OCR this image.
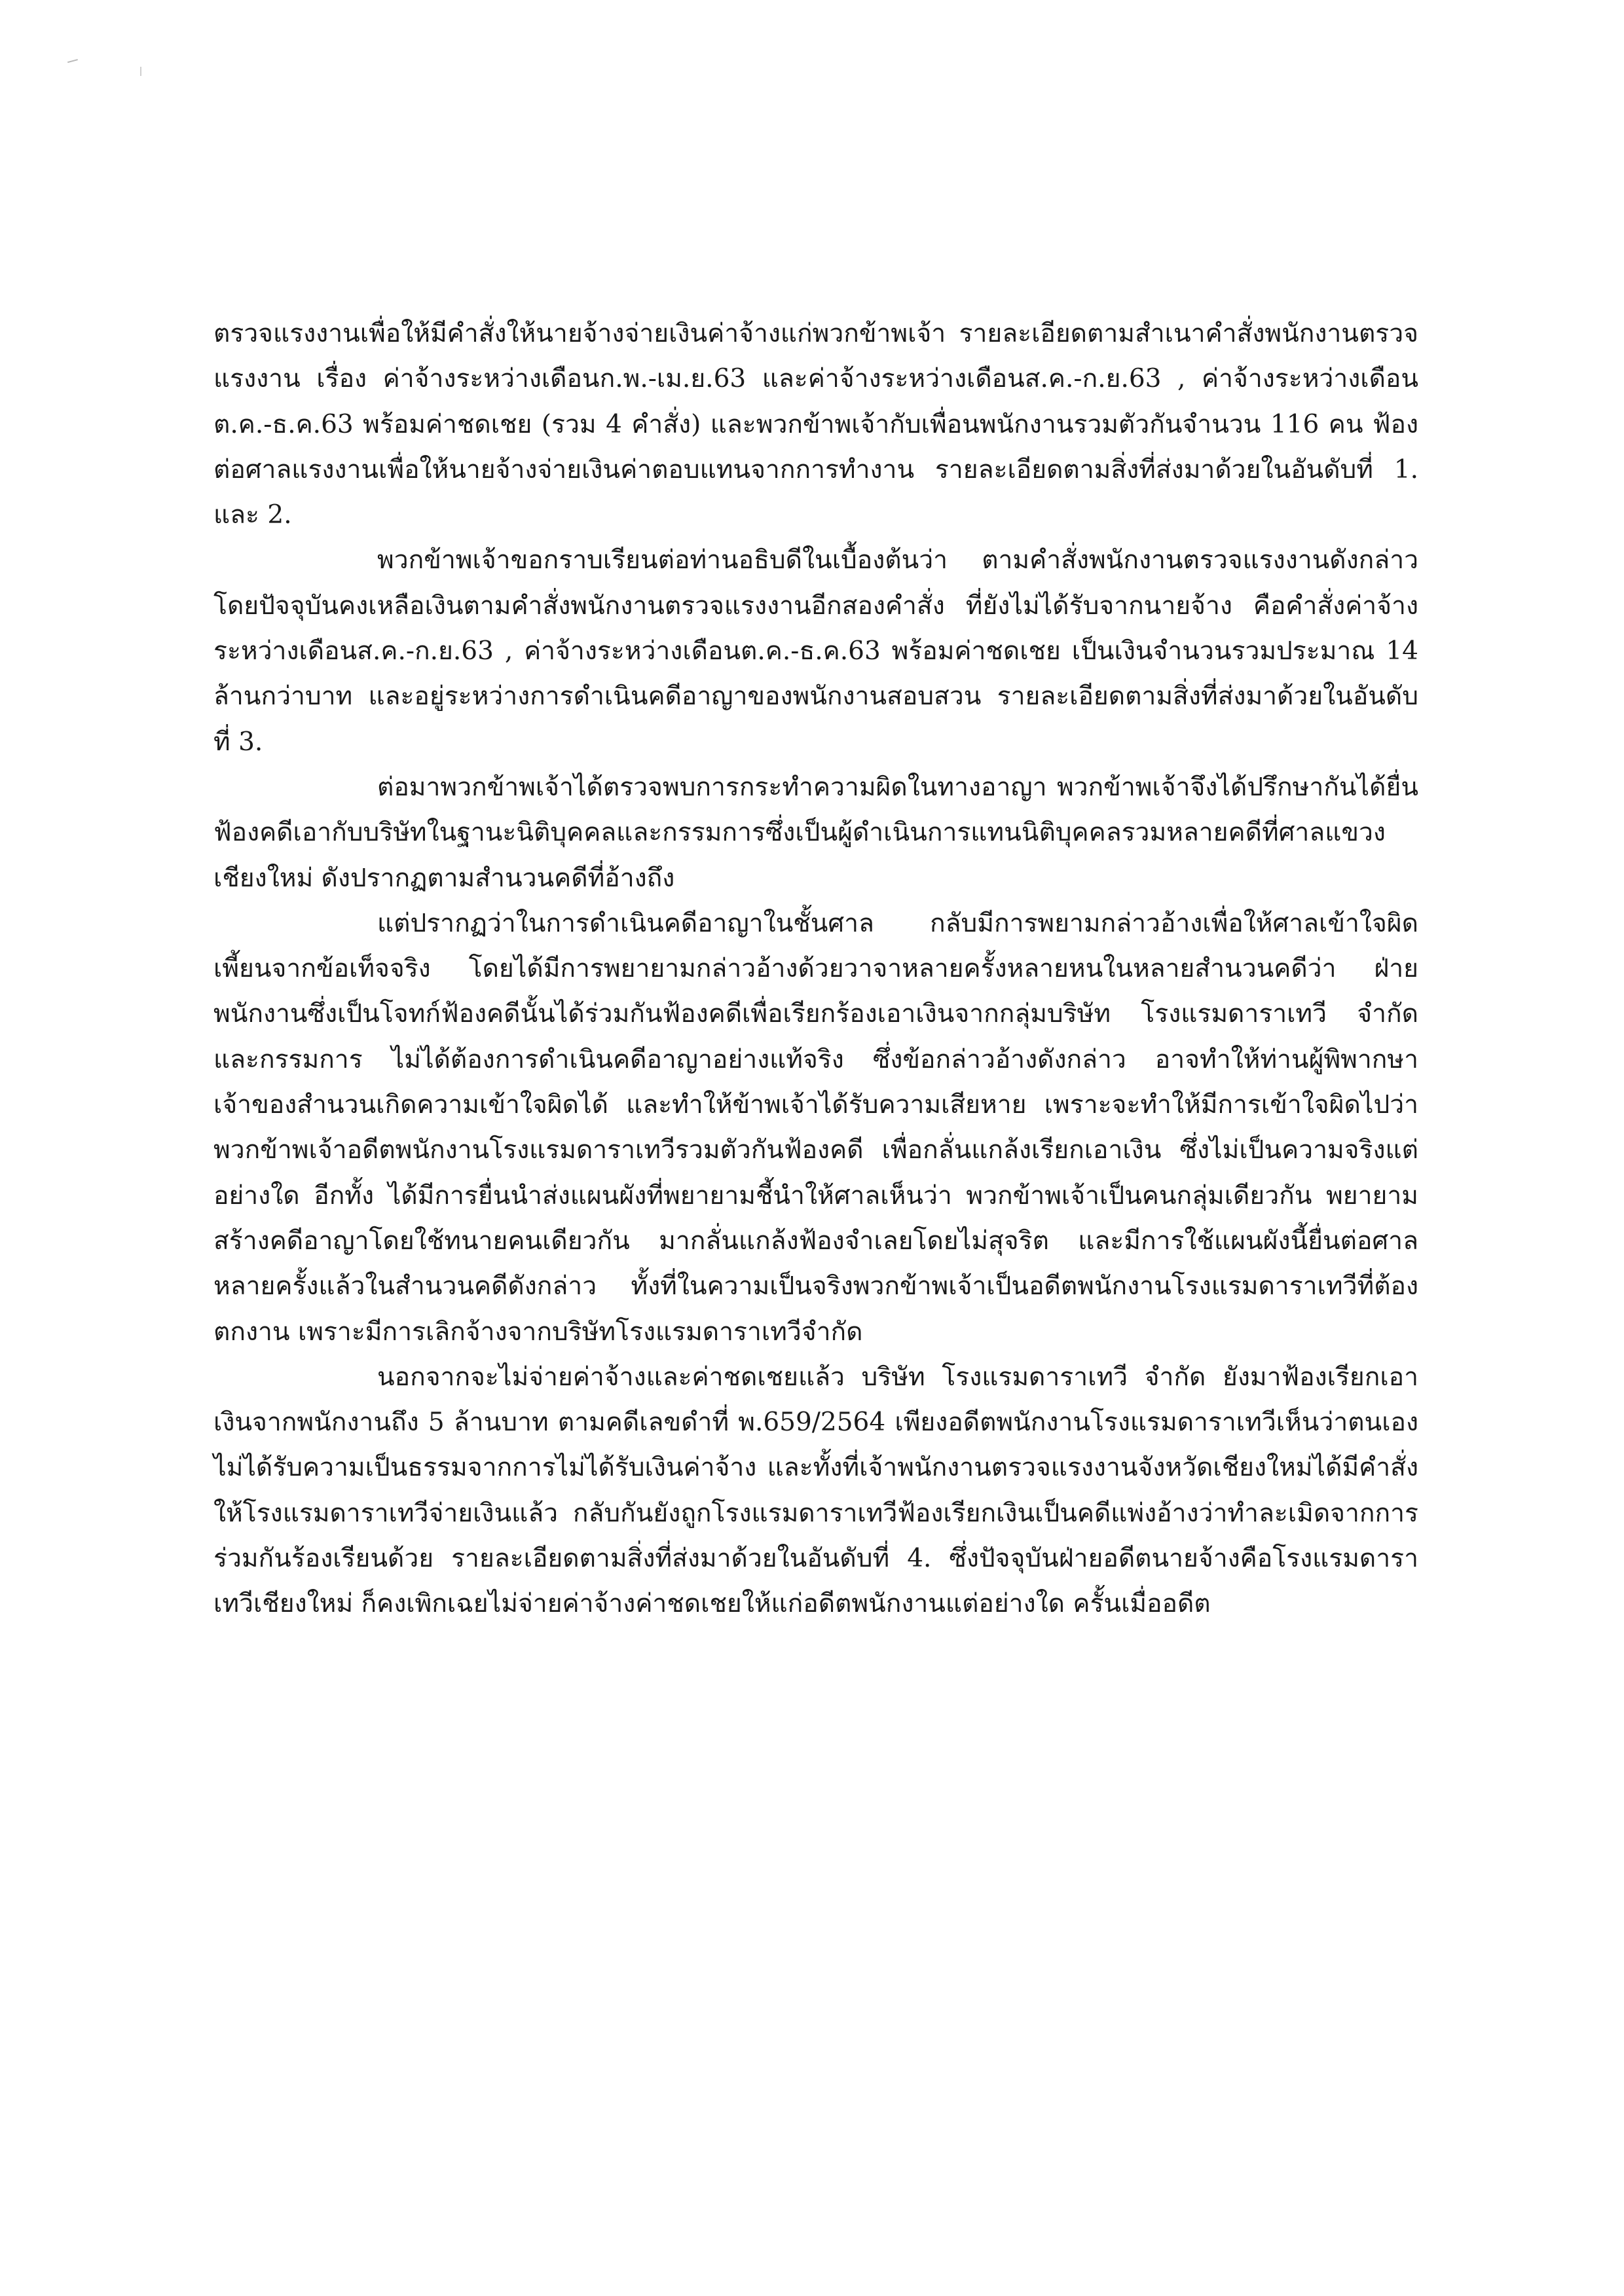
ตรวจแรงงานเพื่อให้มีคำสั่งให้นายจ้างจ่ายเงินค่าจ้างแก่พวกข้าพเจ้า รายละเอียดตามสำเนาคำสั่งพนักงานตรวจแรงงาน เรื่อง ค่าจ้างระหว่างเดือนก.พ.-เม.ย.63 และค่าจ้างระหว่างเดือนส.ค.-ก.ย.63 , ค่าจ้างระหว่างเดือนต.ค.-ธ.ค.63 พร้อมค่าชดเชย (รวม 4 คำสั่ง) และพวกข้าพเจ้ากับเพื่อนพนักงานรวมตัวกันจำนวน 116 คน ฟ้องต่อศาลแรงงานเพื่อให้นายจ้างจ่ายเงินค่าตอบแทนจากการทำงาน รายละเอียดตามสิ่งที่ส่งมาด้วยในอันดับที่ 1. และ 2.

พวกข้าพเจ้าขอกราบเรียนต่อท่านอธิบดีในเบื้องต้นว่า ตามคำสั่งพนักงานตรวจแรงงานดังกล่าว โดยปัจจุบันคงเหลือเงินตามคำสั่งพนักงานตรวจแรงงานอีกสองคำสั่ง ที่ยังไม่ได้รับจากนายจ้าง คือคำสั่งค่าจ้างระหว่างเดือนส.ค.-ก.ย.63 , ค่าจ้างระหว่างเดือนต.ค.-ธ.ค.63 พร้อมค่าชดเชย เป็นเงินจำนวนรวมประมาณ 14 ล้านกว่าบาท และอยู่ระหว่างการดำเนินคดีอาญาของพนักงานสอบสวน รายละเอียดตามสิ่งที่ส่งมาด้วยในอันดับที่ 3.

ต่อมาพวกข้าพเจ้าได้ตรวจพบการกระทำความผิดในทางอาญา พวกข้าพเจ้าจึงได้ปรึกษากันได้ยื่นฟ้องคดีเอากับบริษัทในฐานะนิติบุคคลและกรรมการซึ่งเป็นผู้ดำเนินการแทนนิติบุคคลรวมหลายคดีที่ศาลแขวงเชียงใหม่ ดังปรากฏตามสำนวนคดีที่อ้างถึง

แต่ปรากฏว่าในการดำเนินคดีอาญาในชั้นศาล กลับมีการพยามกล่าวอ้างเพื่อให้ศาลเข้าใจผิดเพี้ยนจากข้อเท็จจริง โดยได้มีการพยายามกล่าวอ้างด้วยวาจาหลายครั้งหลายหนในหลายสำนวนคดีว่า ฝ่ายพนักงานซึ่งเป็นโจทก์ฟ้องคดีนั้นได้ร่วมกันฟ้องคดีเพื่อเรียกร้องเอาเงินจากกลุ่มบริษัท โรงแรมดาราเทวี จำกัด และกรรมการ ไม่ได้ต้องการดำเนินคดีอาญาอย่างแท้จริง ซึ่งข้อกล่าวอ้างดังกล่าว อาจทำให้ท่านผู้พิพากษาเจ้าของสำนวนเกิดความเข้าใจผิดได้ และทำให้ข้าพเจ้าได้รับความเสียหาย เพราะจะทำให้มีการเข้าใจผิดไปว่าพวกข้าพเจ้าอดีตพนักงานโรงแรมดาราเทวีรวมตัวกันฟ้องคดี เพื่อกลั่นแกล้งเรียกเอาเงิน ซึ่งไม่เป็นความจริงแต่อย่างใด อีกทั้ง ได้มีการยื่นนำส่งแผนผังที่พยายามชี้นำให้ศาลเห็นว่า พวกข้าพเจ้าเป็นคนกลุ่มเดียวกัน พยายามสร้างคดีอาญาโดยใช้ทนายคนเดียวกัน มากลั่นแกล้งฟ้องจำเลยโดยไม่สุจริต และมีการใช้แผนผังนี้ยื่นต่อศาลหลายครั้งแล้วในสำนวนคดีดังกล่าว ทั้งที่ในความเป็นจริงพวกข้าพเจ้าเป็นอดีตพนักงานโรงแรมดาราเทวีที่ต้องตกงาน เพราะมีการเลิกจ้างจากบริษัทโรงแรมดาราเทวีจำกัด

นอกจากจะไม่จ่ายค่าจ้างและค่าชดเชยแล้ว บริษัท โรงแรมดาราเทวี จำกัด ยังมาฟ้องเรียกเอาเงินจากพนักงานถึง 5 ล้านบาท ตามคดีเลขดำที่ พ.659/2564 เพียงอดีตพนักงานโรงแรมดาราเทวีเห็นว่าตนเองไม่ได้รับความเป็นธรรมจากการไม่ได้รับเงินค่าจ้าง และทั้งที่เจ้าพนักงานตรวจแรงงานจังหวัดเชียงใหม่ได้มีคำสั่งให้โรงแรมดาราเทวีจ่ายเงินแล้ว กลับกันยังถูกโรงแรมดาราเทวีฟ้องเรียกเงินเป็นคดีแพ่งอ้างว่าทำละเมิดจากการร่วมกันร้องเรียนด้วย รายละเอียดตามสิ่งที่ส่งมาด้วยในอันดับที่ 4. ซึ่งปัจจุบันฝ่ายอดีตนายจ้างคือโรงแรมดาราเทวีเชียงใหม่ ก็คงเพิกเฉยไม่จ่ายค่าจ้างค่าชดเชยให้แก่อดีตพนักงานแต่อย่างใด ครั้นเมื่ออดีต
